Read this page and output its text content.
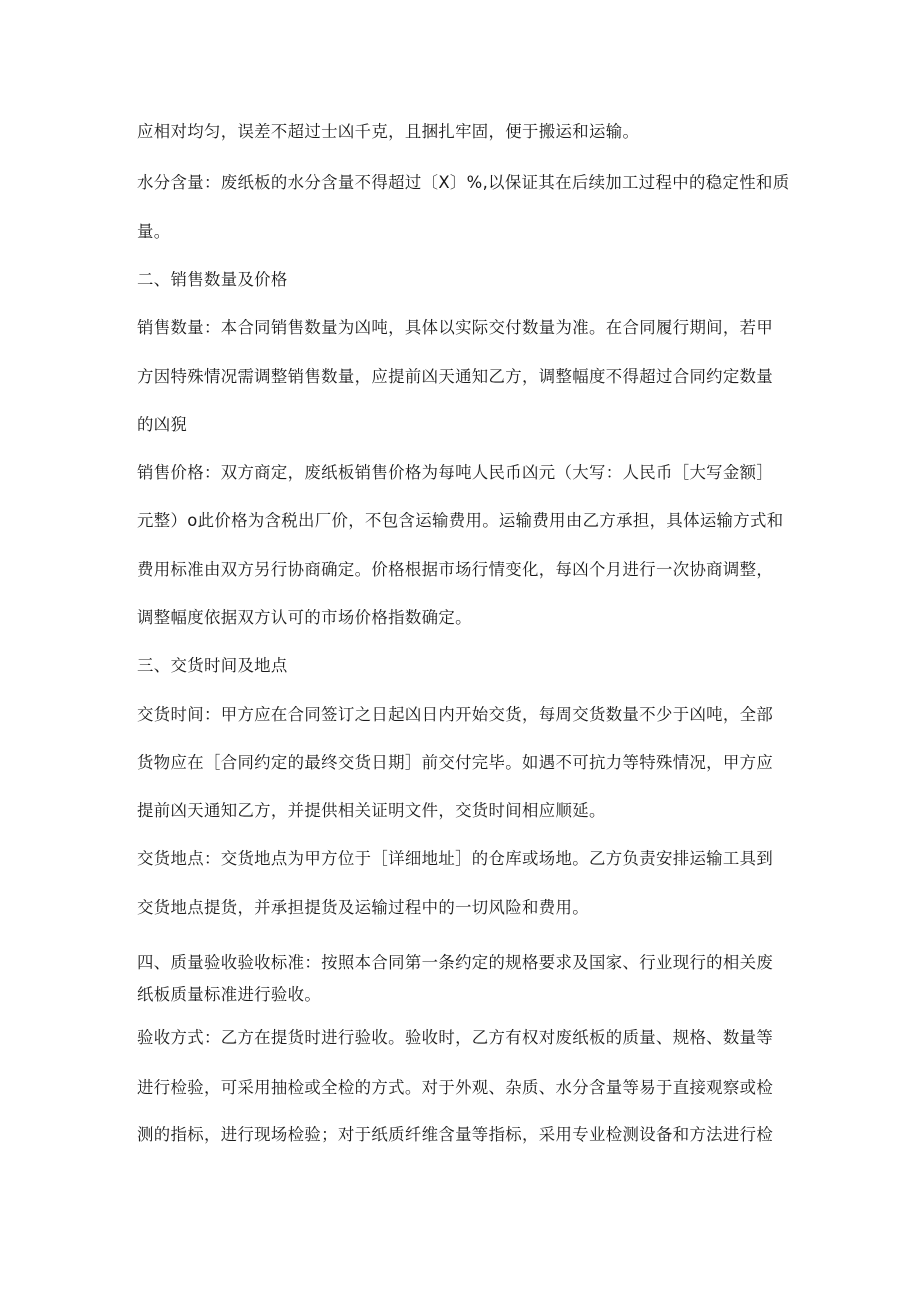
应相对均匀，误差不超过士凶千克，且捆扎牢固，便于搬运和运输。
水分含量：废纸板的水分含量不得超过〔X〕%,以保证其在后续加工过程中的稳定性和质
量。
二、销售数量及价格
销售数量：本合同销售数量为凶吨，具体以实际交付数量为准。在合同履行期间，若甲
方因特殊情况需调整销售数量，应提前凶天通知乙方，调整幅度不得超过合同约定数量
的凶猊
销售价格：双方商定，废纸板销售价格为每吨人民币凶元（大写：人民币［大写金额］
元整）o此价格为含税出厂价，不包含运输费用。运输费用由乙方承担，具体运输方式和
费用标准由双方另行协商确定。价格根据市场行情变化，每凶个月进行一次协商调整，
调整幅度依据双方认可的市场价格指数确定。
三、交货时间及地点
交货时间：甲方应在合同签订之日起凶日内开始交货，每周交货数量不少于凶吨，全部
货物应在［合同约定的最终交货日期］前交付完毕。如遇不可抗力等特殊情况，甲方应
提前凶天通知乙方，并提供相关证明文件，交货时间相应顺延。
交货地点：交货地点为甲方位于［详细地址］的仓库或场地。乙方负责安排运输工具到
交货地点提货，并承担提货及运输过程中的一切风险和费用。
四、质量验收验收标准：按照本合同第一条约定的规格要求及国家、行业现行的相关废
纸板质量标准进行验收。
验收方式：乙方在提货时进行验收。验收时，乙方有权对废纸板的质量、规格、数量等
进行检验，可采用抽检或全检的方式。对于外观、杂质、水分含量等易于直接观察或检
测的指标，进行现场检验；对于纸质纤维含量等指标，采用专业检测设备和方法进行检
